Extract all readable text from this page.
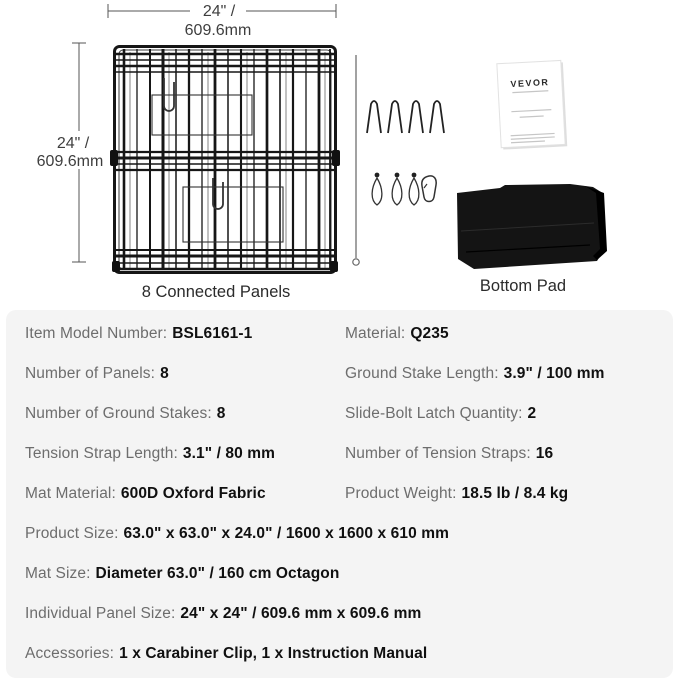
24" /
609.6mm
24" /
609.6mm
VEVOR
8 Connected Panels	Bottom Pad
Item Model Number: BSL6161-1	Material: Q235
Number of Panels: 8	Ground Stake Length: 3.9" / 100 mm
Number of Ground Stakes: 8	Slide-Bolt Latch Quantity: 2
Tension Strap Length: 3.1" / 80 mm	Number of Tension Straps: 16
Mat Material: 600D Oxford Fabric	Product Weight: 18.5 lb / 8.4 kg
Product Size: 63.0" x 63.0" x 24.0" / 1600 x 1600 x 610 mm
Mat Size: Diameter 63.0" / 160 cm Octagon
Individual Panel Size: 24" x 24" / 609.6 mm x 609.6 mm
Accessories: 1 x Carabiner Clip, 1 x Instruction Manual
